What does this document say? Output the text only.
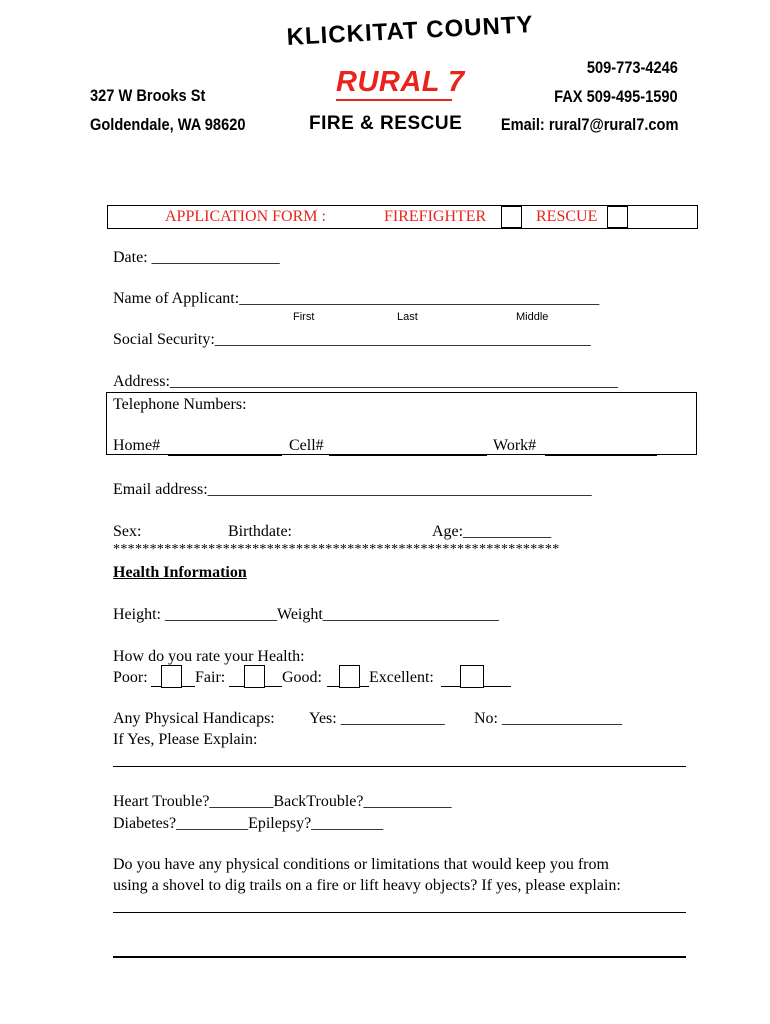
KLICKITAT COUNTY
RURAL 7
FIRE & RESCUE
327 W Brooks St
Goldendale, WA 98620
509-773-4246
FAX 509-495-1590
Email: rural7@rural7.com
APPLICATION FORM :	FIREFIGHTER	RESCUE
Date: ________________
Name of Applicant:_____________________________________________
First	Last	Middle
Social Security:_______________________________________________
Address:________________________________________________________
Telephone Numbers:
Home#	Cell#	Work#
Email address:________________________________________________
Sex:	Birthdate:	Age:___________
*************************************************************
Health Information
Height: ______________Weight______________________
How do you rate your Health:
Poor:	Fair:	Good:	Excellent:
Any Physical Handicaps: Yes: _____________ No: _______________
If Yes, Please Explain:
Heart Trouble?________BackTrouble?___________
Diabetes?_________Epilepsy?_________
Do you have any physical conditions or limitations that would keep you from
using a shovel to dig trails on a fire or lift heavy objects? If yes, please explain:
